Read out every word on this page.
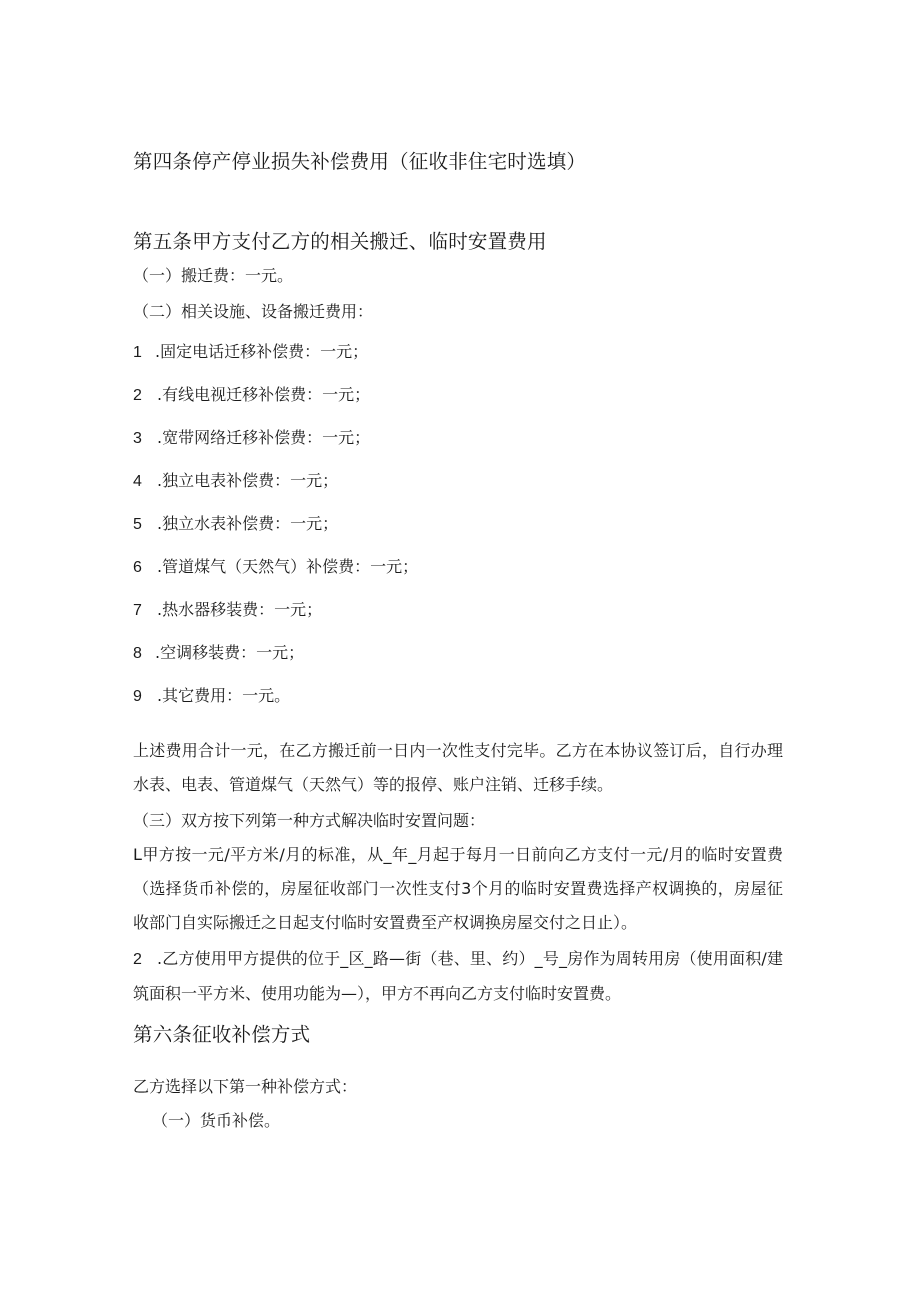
第四条停产停业损失补偿费用（征收非住宅时选填）
第五条甲方支付乙方的相关搬迁、临时安置费用
（一）搬迁费：一元。
（二）相关设施、设备搬迁费用：
1 .固定电话迁移补偿费：一元；
2 .有线电视迁移补偿费：一元；
3 .宽带网络迁移补偿费：一元；
4 .独立电表补偿费：一元；
5 .独立水表补偿费：一元；
6 .管道煤气（天然气）补偿费：一元；
7 .热水器移装费：一元；
8 .空调移装费：一元；
9 .其它费用：一元。
上述费用合计一元，在乙方搬迁前一日内一次性支付完毕。乙方在本协议签订后，自行办理水表、电表、管道煤气（天然气）等的报停、账户注销、迁移手续。
（三）双方按下列第一种方式解决临时安置问题：
L甲方按一元/平方米/月的标准，从_年_月起于每月一日前向乙方支付一元/月的临时安置费（选择货币补偿的，房屋征收部门一次性支付3个月的临时安置费选择产权调换的，房屋征收部门自实际搬迁之日起支付临时安置费至产权调换房屋交付之日止）。
2 .乙方使用甲方提供的位于_区_路—街（巷、里、约）_号_房作为周转用房（使用面积/建筑面积一平方米、使用功能为—），甲方不再向乙方支付临时安置费。
第六条征收补偿方式
乙方选择以下第一种补偿方式：
（一）货币补偿。
